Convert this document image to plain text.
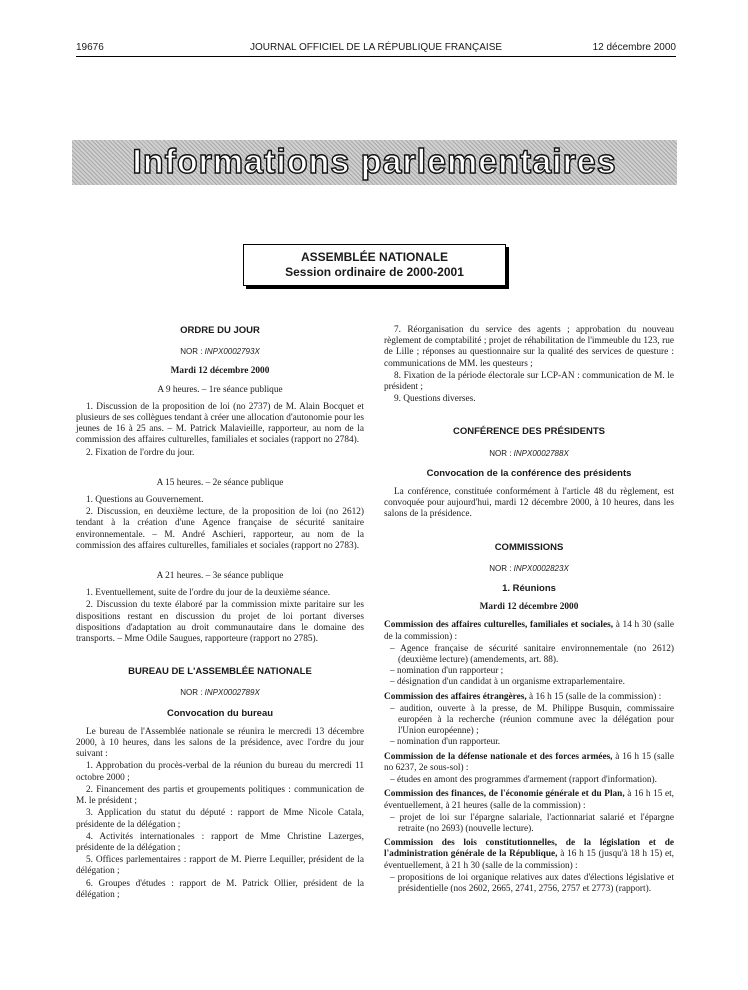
19676	JOURNAL OFFICIEL DE LA RÉPUBLIQUE FRANÇAISE	12 décembre 2000
Informations parlementaires
ASSEMBLÉE NATIONALE
Session ordinaire de 2000-2001
ORDRE DU JOUR
NOR : INPX0002793X
Mardi 12 décembre 2000
A 9 heures. – 1re séance publique

1. Discussion de la proposition de loi (no 2737) de M. Alain Bocquet et plusieurs de ses collègues tendant à créer une allocation d'autonomie pour les jeunes de 16 à 25 ans. – M. Patrick Malavieille, rapporteur, au nom de la commission des affaires culturelles, familiales et sociales (rapport no 2784).

2. Fixation de l'ordre du jour.

A 15 heures. – 2e séance publique

1. Questions au Gouvernement.

2. Discussion, en deuxième lecture, de la proposition de loi (no 2612) tendant à la création d'une Agence française de sécurité sanitaire environnementale. – M. André Aschieri, rapporteur, au nom de la commission des affaires culturelles, familiales et sociales (rapport no 2783).

A 21 heures. – 3e séance publique

1. Eventuellement, suite de l'ordre du jour de la deuxième séance.

2. Discussion du texte élaboré par la commission mixte paritaire sur les dispositions restant en discussion du projet de loi portant diverses dispositions d'adaptation au droit communautaire dans le domaine des transports. – Mme Odile Saugues, rapporteure (rapport no 2785).

BUREAU DE L'ASSEMBLÉE NATIONALE
NOR : INPX0002789X
Convocation du bureau

Le bureau de l'Assemblée nationale se réunira le mercredi 13 décembre 2000, à 10 heures, dans les salons de la présidence, avec l'ordre du jour suivant :

1. Approbation du procès-verbal de la réunion du bureau du mercredi 11 octobre 2000 ;

2. Financement des partis et groupements politiques : communication de M. le président ;

3. Application du statut du député : rapport de Mme Nicole Catala, présidente de la délégation ;

4. Activités internationales : rapport de Mme Christine Lazerges, présidente de la délégation ;

5. Offices parlementaires : rapport de M. Pierre Lequiller, président de la délégation ;

6. Groupes d'études : rapport de M. Patrick Ollier, président de la délégation ;

7. Réorganisation du service des agents ; approbation du nouveau règlement de comptabilité ; projet de réhabilitation de l'immeuble du 123, rue de Lille ; réponses au questionnaire sur la qualité des services de questure : communications de MM. les questeurs ;

8. Fixation de la période électorale sur LCP-AN : communication de M. le président ;

9. Questions diverses.

CONFÉRENCE DES PRÉSIDENTS
NOR : INPX0002788X
Convocation de la conférence des présidents

La conférence, constituée conformément à l'article 48 du règlement, est convoquée pour aujourd'hui, mardi 12 décembre 2000, à 10 heures, dans les salons de la présidence.

COMMISSIONS
NOR : INPX0002823X
1. Réunions
Mardi 12 décembre 2000

Commission des affaires culturelles, familiales et sociales, à 14 h 30 (salle de la commission) :

– Agence française de sécurité sanitaire environnementale (no 2612) (deuxième lecture) (amendements, art. 88).
– nomination d'un rapporteur ;
– désignation d'un candidat à un organisme extraparlementaire.

Commission des affaires étrangères, à 16 h 15 (salle de la commission) :

– audition, ouverte à la presse, de M. Philippe Busquin, commissaire européen à la recherche (réunion commune avec la délégation pour l'Union européenne) ;
– nomination d'un rapporteur.

Commission de la défense nationale et des forces armées, à 16 h 15 (salle no 6237, 2e sous-sol) :

– études en amont des programmes d'armement (rapport d'information).

Commission des finances, de l'économie générale et du Plan, à 16 h 15 et, éventuellement, à 21 heures (salle de la commission) :

– projet de loi sur l'épargne salariale, l'actionnariat salarié et l'épargne retraite (no 2693) (nouvelle lecture).

Commission des lois constitutionnelles, de la législation et de l'administration générale de la République, à 16 h 15 (jusqu'à 18 h 15) et, éventuellement, à 21 h 30 (salle de la commission) :

– propositions de loi organique relatives aux dates d'élections législative et présidentielle (nos 2602, 2665, 2741, 2756, 2757 et 2773) (rapport).
